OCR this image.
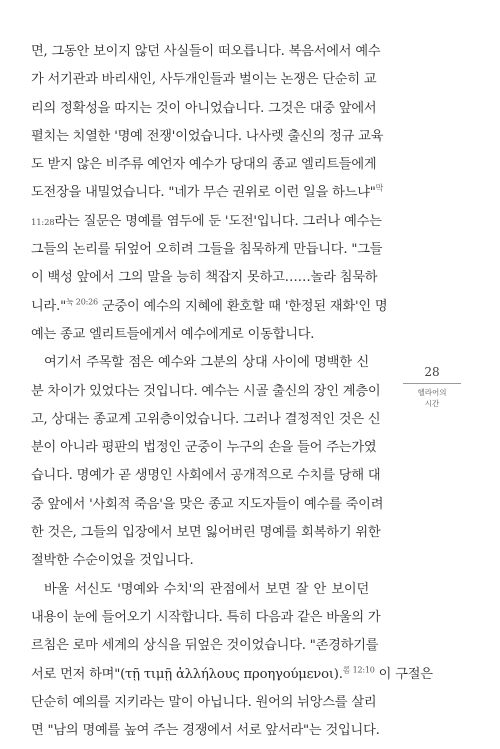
면, 그동안 보이지 않던 사실들이 떠오릅니다. 복음서에서 예수
가 서기관과 바리새인, 사두개인들과 벌이는 논쟁은 단순히 교
리의 정확성을 따지는 것이 아니었습니다. 그것은 대중 앞에서
펼치는 치열한 '명예 전쟁'이었습니다. 나사렛 출신의 정규 교육
도 받지 않은 비주류 예언자 예수가 당대의 종교 엘리트들에게
도전장을 내밀었습니다. "네가 무슨 권위로 이런 일을 하느냐"$^막$
11:28라는 질문은 명예를 염두에 둔 '도전'입니다. 그러나 예수는
그들의 논리를 뒤엎어 오히려 그들을 침묵하게 만듭니다. "그들
이 백성 앞에서 그의 말을 능히 책잡지 못하고……놀라 침묵하
니라."$^{눅 20:26}$ 군중이 예수의 지혜에 환호할 때 '한정된 재화'인 명
예는 종교 엘리트들에게서 예수에게로 이동합니다.
여기서 주목할 점은 예수와 그분의 상대 사이에 명백한 신
분 차이가 있었다는 것입니다. 예수는 시골 출신의 장인 계층이
고, 상대는 종교계 고위층이었습니다. 그러나 결정적인 것은 신
분이 아니라 평판의 법정인 군중이 누구의 손을 들어 주는가였
습니다. 명예가 곧 생명인 사회에서 공개적으로 수치를 당해 대
중 앞에서 '사회적 죽음'을 맞은 종교 지도자들이 예수를 죽이려
한 것은, 그들의 입장에서 보면 잃어버린 명예를 회복하기 위한
절박한 수순이었을 것입니다.
바울 서신도 '명예와 수치'의 관점에서 보면 잘 안 보이던
내용이 눈에 들어오기 시작합니다. 특히 다음과 같은 바울의 가
르침은 로마 세계의 상식을 뒤엎은 것이었습니다. "존경하기를
서로 먼저 하며"(τῇ τιμῇ ἀλλήλους προηγούμενοι).$^{롬 12:10}$ 이 구절은
단순히 예의를 지키라는 말이 아닙니다. 원어의 뉘앙스를 살리
면 "남의 명예를 높여 주는 경쟁에서 서로 앞서라"는 것입니다.
28
헬라어의
시간
